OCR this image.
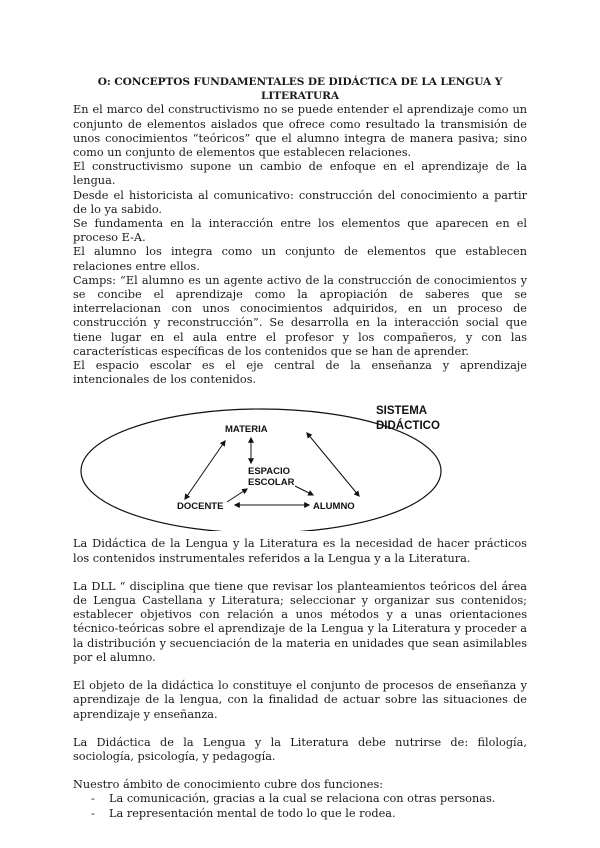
O: CONCEPTOS FUNDAMENTALES DE DIDÁCTICA DE LA LENGUA Y LITERATURA

En el marco del constructivismo no se puede entender el aprendizaje como un conjunto de elementos aislados que ofrece como resultado la transmisión de unos conocimientos “teóricos” que el alumno integra de manera pasiva; sino como un conjunto de elementos que establecen relaciones.

El constructivismo supone un cambio de enfoque en el aprendizaje de la lengua.

Desde el historicista al comunicativo: construcción del conocimiento a partir de lo ya sabido.

Se fundamenta en la interacción entre los elementos que aparecen en el proceso E-A.

El alumno los integra como un conjunto de elementos que establecen relaciones entre ellos.

Camps: “El alumno es un agente activo de la construcción de conocimientos y se concibe el aprendizaje como la apropiación de saberes que se interrelacionan con unos conocimientos adquiridos, en un proceso de construcción y reconstrucción”. Se desarrolla en la interacción social que tiene lugar en el aula entre el profesor y los compañeros, y con las características específicas de los contenidos que se han de aprender.

El espacio escolar es el eje central de la enseñanza y aprendizaje intencionales de los contenidos.

SISTEMA
DIDÁCTICO
MATERIA
ESPACIO
ESCOLAR
DOCENTE	ALUMNO

La Didáctica de la Lengua y la Literatura es la necesidad de hacer prácticos los contenidos instrumentales referidos a la Lengua y a la Literatura.

La DLL “ disciplina que tiene que revisar los planteamientos teóricos del área de Lengua Castellana y Literatura; seleccionar y organizar sus contenidos; establecer objetivos con relación a unos métodos y a unas orientaciones técnico-teóricas sobre el aprendizaje de la Lengua y la Literatura y proceder a la distribución y secuenciación de la materia en unidades que sean asimilables por el alumno.

El objeto de la didáctica lo constituye el conjunto de procesos de enseñanza y aprendizaje de la lengua, con la finalidad de actuar sobre las situaciones de aprendizaje y enseñanza.

La Didáctica de la Lengua y la Literatura debe nutrirse de: filología, sociología, psicología, y pedagogía.

Nuestro ámbito de conocimiento cubre dos funciones:

- La comunicación, gracias a la cual se relaciona con otras personas.
- La representación mental de todo lo que le rodea.
